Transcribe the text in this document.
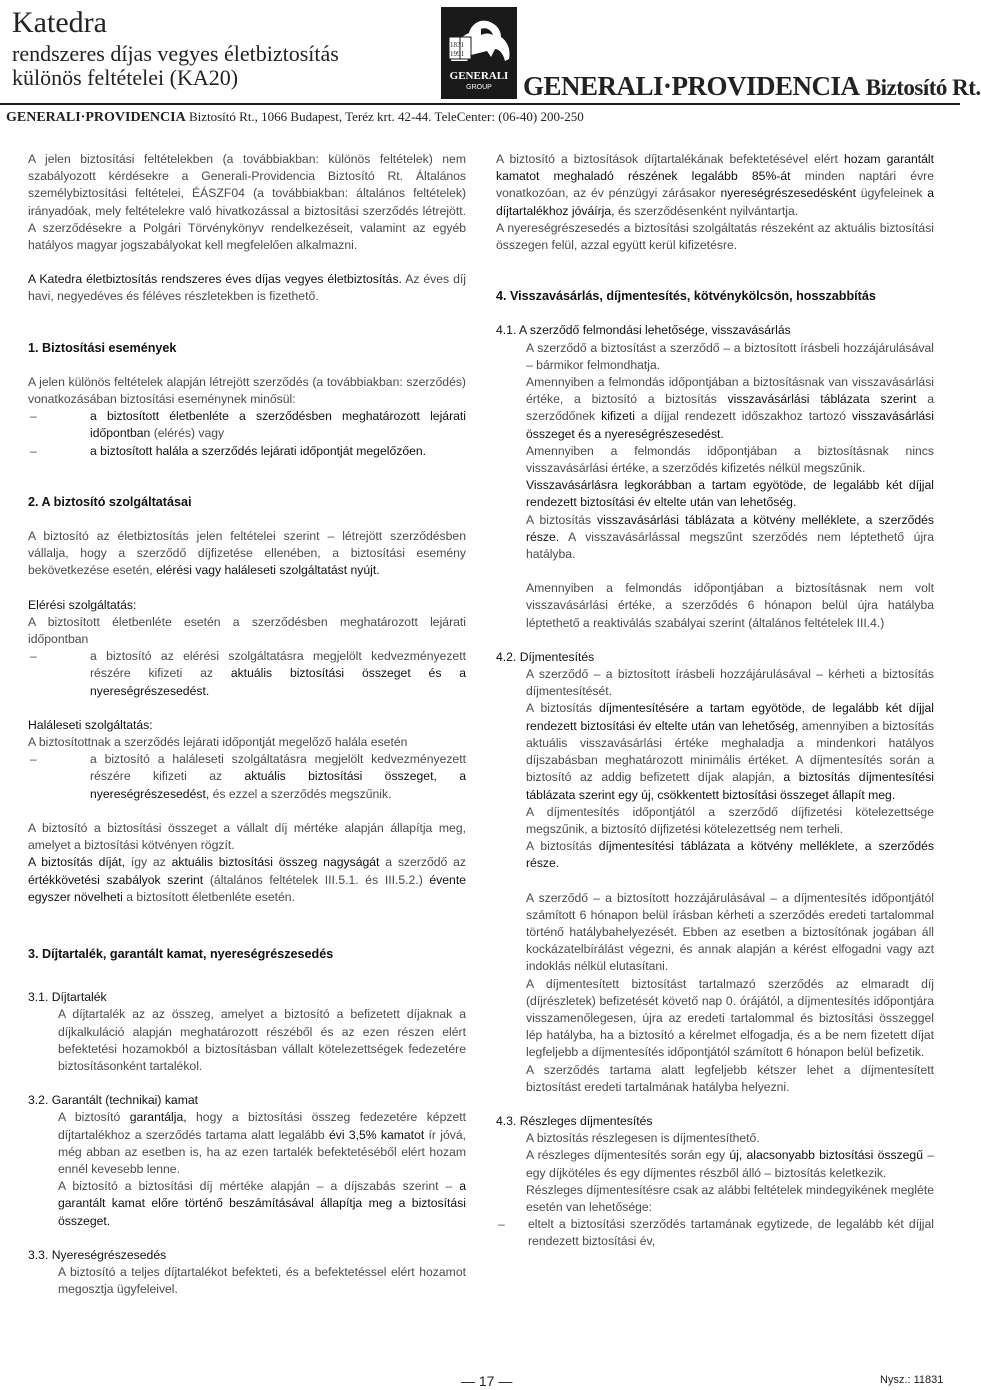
Katedra
rendszeres díjas vegyes életbiztosítás
különös feltételei (KA20)
1831
1991
GENERALI
GROUP GENERALI·PROVIDENCIA Biztosító Rt.
GENERALI·PROVIDENCIA Biztosító Rt., 1066 Budapest, Teréz krt. 42-44. TeleCenter: (06-40) 200-250

A jelen biztosítási feltételekben (a továbbiakban: különös feltételek) nem szabályozott kérdésekre a Generali-Providencia Biztosító Rt. Általános személybiztosítási feltételei, ÉÁSZF04 (a továbbiakban: általános feltételek) irányadóak, mely feltételekre való hivatkozással a biztosítási szerződés létrejött. A szerződésekre a Polgári Törvénykönyv rendelkezéseit, valamint az egyéb hatályos magyar jogszabályokat kell megfelelően alkalmazni.

A Katedra életbiztosítás rendszeres éves díjas vegyes életbiztosítás. Az éves díj havi, negyedéves és féléves részletekben is fizethető.

1. Biztosítási események

A jelen különös feltételek alapján létrejött szerződés (a továbbiakban: szerződés) vonatkozásában biztosítási eseménynek minősül:

–	a biztosított életbenléte a szerződésben meghatározott lejárati időpontban (elérés) vagy
–	a biztosított halála a szerződés lejárati időpontját megelőzően.

2. A biztosító szolgáltatásai

A biztosító az életbiztosítás jelen feltételei szerint – létrejött szerződésben vállalja, hogy a szerződő díjfizetése ellenében, a biztosítási esemény bekövetkezése esetén, elérési vagy haláleseti szolgáltatást nyújt.

Elérési szolgáltatás:

A biztosított életbenléte esetén a szerződésben meghatározott lejárati időpontban

–	a biztosító az elérési szolgáltatásra megjelölt kedvezményezett részére kifizeti az aktuális biztosítási összeget és a nyereségrészesedést.

Haláleseti szolgáltatás:

A biztosítottnak a szerződés lejárati időpontját megelőző halála esetén

–	a biztosító a haláleseti szolgáltatásra megjelölt kedvezményezett részére kifizeti az aktuális biztosítási összeget, a nyereségrészesedést, és ezzel a szerződés megszűnik.

A biztosító a biztosítási összeget a vállalt díj mértéke alapján állapítja meg, amelyet a biztosítási kötvényen rögzít.

A biztosítás díját, így az aktuális biztosítási összeg nagyságát a szerződő az értékkövetési szabályok szerint (általános feltételek III.5.1. és III.5.2.) évente egyszer növelheti a biztosított életbenléte esetén.

3. Díjtartalék, garantált kamat, nyereségrészesedés

3.1. Díjtartalék

A díjtartalék az az összeg, amelyet a biztosító a befizetett díjaknak a díjkalkuláció alapján meghatározott részéből és az ezen részen elért befektetési hozamokból a biztosításban vállalt kötelezettségek fedezetére biztosításonként tartalékol.

3.2. Garantált (technikai) kamat

A biztosító garantálja, hogy a biztosítási összeg fedezetére képzett díjtartalékhoz a szerződés tartama alatt legalább évi 3,5% kamatot ír jóvá, még abban az esetben is, ha az ezen tartalék befektetéséből elért hozam ennél kevesebb lenne.

A biztosító a biztosítási díj mértéke alapján – a díjszabás szerint – a garantált kamat előre történő beszámításával állapítja meg a biztosítási összeget.

3.3. Nyereségrészesedés

A biztosító a teljes díjtartalékot befekteti, és a befektetéssel elért hozamot megosztja ügyfeleivel.

A biztosító a biztosítások díjtartalékának befektetésével elért hozam garantált kamatot meghaladó részének legalább 85%-át minden naptári évre vonatkozóan, az év pénzügyi zárásakor nyereségrészesedésként ügyfeleinek a díjtartalékhoz jóváírja, és szerződésenként nyilvántartja.

A nyereségrészesedés a biztosítási szolgáltatás részeként az aktuális biztosítási összegen felül, azzal együtt kerül kifizetésre.

4. Visszavásárlás, díjmentesítés, kötvénykölcsön, hosszabbítás

4.1. A szerződő felmondási lehetősége, visszavásárlás

A szerződő a biztosítást a szerződő – a biztosított írásbeli hozzájárulásával – bármikor felmondhatja.

Amennyiben a felmondás időpontjában a biztosításnak van visszavásárlási értéke, a biztosító a biztosítás visszavásárlási táblázata szerint a szerződőnek kifizeti a díjjal rendezett időszakhoz tartozó visszavásárlási összeget és a nyereségrészesedést.

Amennyiben a felmondás időpontjában a biztosításnak nincs visszavásárlási értéke, a szerződés kifizetés nélkül megszűnik.

Visszavásárlásra legkorábban a tartam egyötöde, de legalább két díjjal rendezett biztosítási év eltelte után van lehetőség.

A biztosítás visszavásárlási táblázata a kötvény melléklete, a szerződés része. A visszavásárlással megszűnt szerződés nem léptethető újra hatályba.

Amennyiben a felmondás időpontjában a biztosításnak nem volt visszavásárlási értéke, a szerződés 6 hónapon belül újra hatályba léptethető a reaktiválás szabályai szerint (általános feltételek III.4.)

4.2. Díjmentesítés

A szerződő – a biztosított írásbeli hozzájárulásával – kérheti a biztosítás díjmentesítését.

A biztosítás díjmentesítésére a tartam egyötöde, de legalább két díjjal rendezett biztosítási év eltelte után van lehetőség, amennyiben a biztosítás aktuális visszavásárlási értéke meghaladja a mindenkori hatályos díjszabásban meghatározott minimális értéket. A díjmentesítés során a biztosító az addig befizetett díjak alapján, a biztosítás díjmentesítési táblázata szerint egy új, csökkentett biztosítási összeget állapít meg.

A díjmentesítés időpontjától a szerződő díjfizetési kötelezettsége megszűnik, a biztosító díjfizetési kötelezettség nem terheli.

A biztosítás díjmentesítési táblázata a kötvény melléklete, a szerződés része.

A szerződő – a biztosított hozzájárulásával – a díjmentesítés időpontjától számított 6 hónapon belül írásban kérheti a szerződés eredeti tartalommal történő hatálybahelyezését. Ebben az esetben a biztosítónak jogában áll kockázatelbírálást végezni, és annak alapján a kérést elfogadni vagy azt indoklás nélkül elutasítani.

A díjmentesített biztosítást tartalmazó szerződés az elmaradt díj (díjrészletek) befizetését követő nap 0. órájától, a díjmentesítés időpontjára visszamenőlegesen, újra az eredeti tartalommal és biztosítási összeggel lép hatályba, ha a biztosító a kérelmet elfogadja, és a be nem fizetett díjat legfeljebb a díjmentesítés időpontjától számított 6 hónapon belül befizetik.

A szerződés tartama alatt legfeljebb kétszer lehet a díjmentesített biztosítást eredeti tartalmának hatályba helyezni.

4.3. Részleges díjmentesítés

A biztosítás részlegesen is díjmentesíthető.

A részleges díjmentesítés során egy új, alacsonyabb biztosítási összegű – egy díjkötéles és egy díjmentes részből álló – biztosítás keletkezik.

Részleges díjmentesítésre csak az alábbi feltételek mindegyikének megléte esetén van lehetősége:

–	eltelt a biztosítási szerződés tartamának egytizede, de legalább két díjjal rendezett biztosítási év,
— 17 —	Nysz.: 11831
